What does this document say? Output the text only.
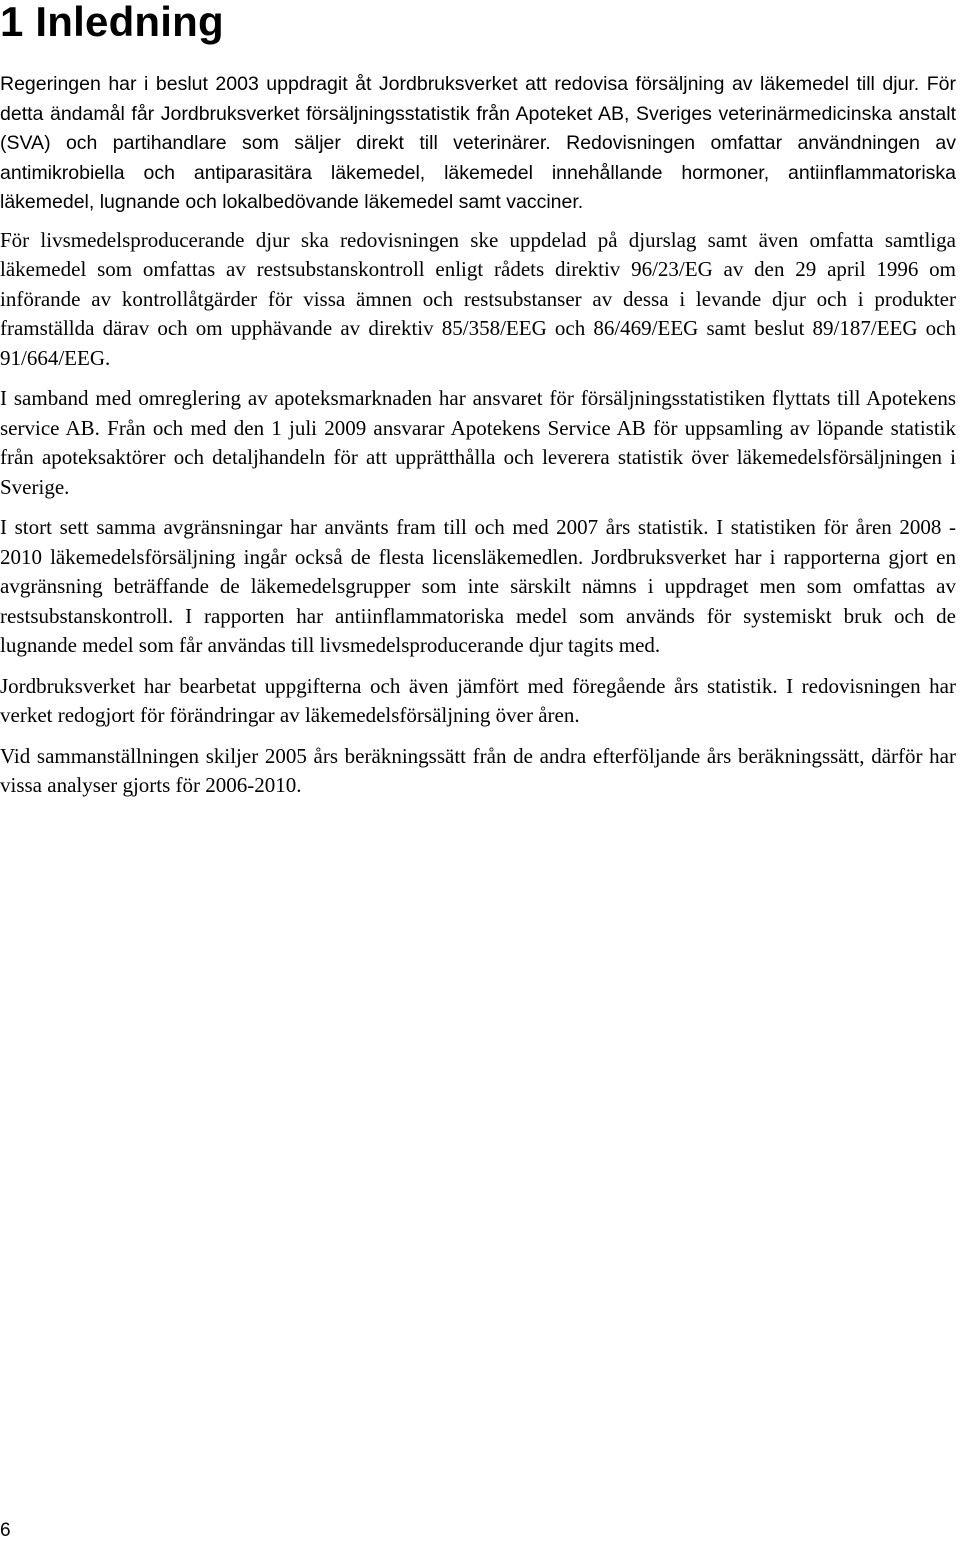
1 Inledning

Regeringen har i beslut 2003 uppdragit åt Jordbruksverket att redovisa försäljning av läkemedel till djur. För detta ändamål får Jordbruksverket försäljningsstatistik från Apoteket AB, Sveriges veterinärmedicinska anstalt (SVA) och partihandlare som säljer direkt till veterinärer. Redovisningen omfattar användningen av antimikrobiella och antiparasitära läkemedel, läkemedel innehållande hormoner, antiinflammatoriska läkemedel, lugnande och lokalbedövande läkemedel samt vacciner.

För livsmedelsproducerande djur ska redovisningen ske uppdelad på djurslag samt även omfatta samtliga läkemedel som omfattas av restsubstanskontroll enligt rådets direktiv 96/23/EG av den 29 april 1996 om införande av kontrollåtgärder för vissa ämnen och restsubstanser av dessa i levande djur och i produkter framställda därav och om upphävande av direktiv 85/358/EEG och 86/469/EEG samt beslut 89/187/EEG och 91/664/EEG.

I samband med omreglering av apoteksmarknaden har ansvaret för försäljningsstatistiken flyttats till Apotekens service AB. Från och med den 1 juli 2009 ansvarar Apotekens Service AB för uppsamling av löpande statistik från apoteksaktörer och detaljhandeln för att upprätthålla och leverera statistik över läkemedelsförsäljningen i Sverige.

I stort sett samma avgränsningar har använts fram till och med 2007 års statistik. I statistiken för åren 2008 - 2010 läkemedelsförsäljning ingår också de flesta licensläkemedlen. Jordbruksverket har i rapporterna gjort en avgränsning beträffande de läkemedelsgrupper som inte särskilt nämns i uppdraget men som omfattas av restsubstanskontroll. I rapporten har antiinflammatoriska medel som används för systemiskt bruk och de lugnande medel som får användas till livsmedelsproducerande djur tagits med.

Jordbruksverket har bearbetat uppgifterna och även jämfört med föregående års statistik. I redovisningen har verket redogjort för förändringar av läkemedelsförsäljning över åren.

Vid sammanställningen skiljer 2005 års beräkningssätt från de andra efterföljande års beräkningssätt, därför har vissa analyser gjorts för 2006-2010.

6
